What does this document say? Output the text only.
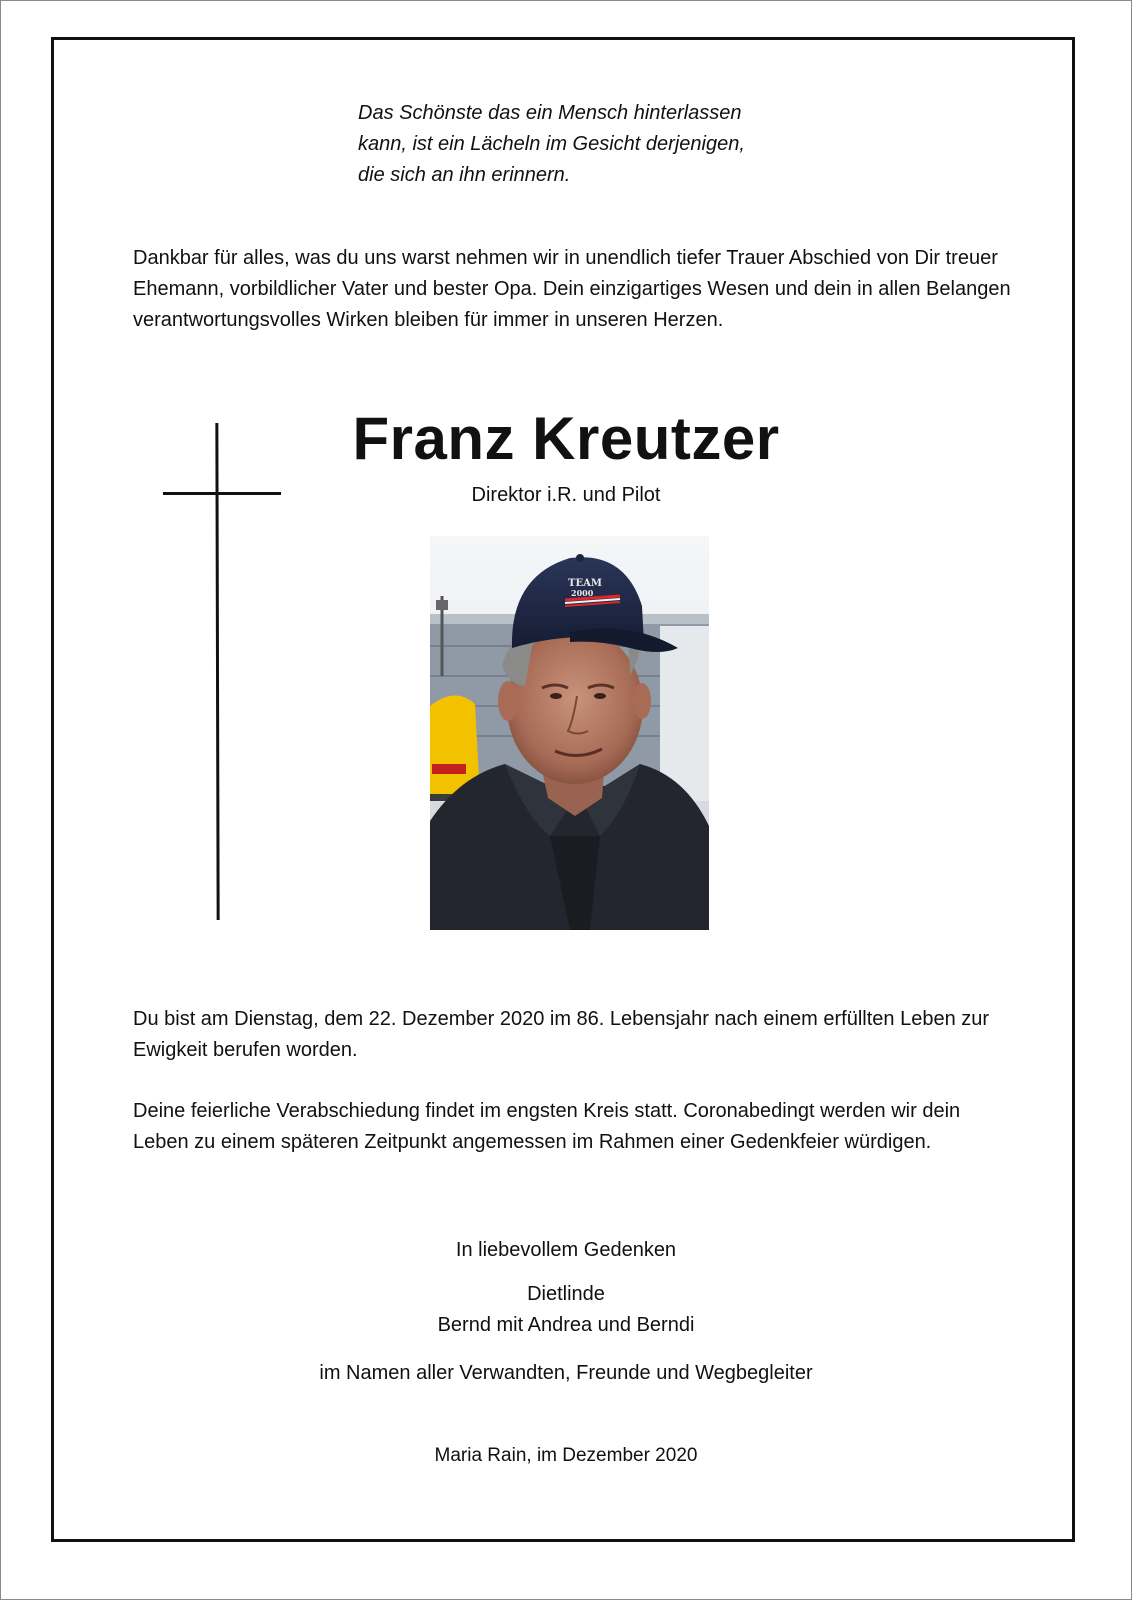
Das Schönste das ein Mensch hinterlassen
kann, ist ein Lächeln im Gesicht derjenigen,
die sich an ihn erinnern.
Dankbar für alles, was du uns warst nehmen wir in unendlich tiefer Trauer Abschied von Dir treuer Ehemann, vorbildlicher Vater und bester Opa. Dein einzigartiges Wesen und dein in allen Belangen verantwortungsvolles Wirken bleiben für immer in unseren Herzen.
Franz Kreutzer
Direktor i.R. und Pilot
TEAM
2000
Du bist am Dienstag, dem 22. Dezember 2020 im 86. Lebensjahr nach einem erfüllten Leben zur Ewigkeit berufen worden.
Deine feierliche Verabschiedung findet im engsten Kreis statt. Coronabedingt werden wir dein Leben zu einem späteren Zeitpunkt angemessen im Rahmen einer Gedenkfeier würdigen.
In liebevollem Gedenken
Dietlinde
Bernd mit Andrea und Berndi
im Namen aller Verwandten, Freunde und Wegbegleiter
Maria Rain, im Dezember 2020
